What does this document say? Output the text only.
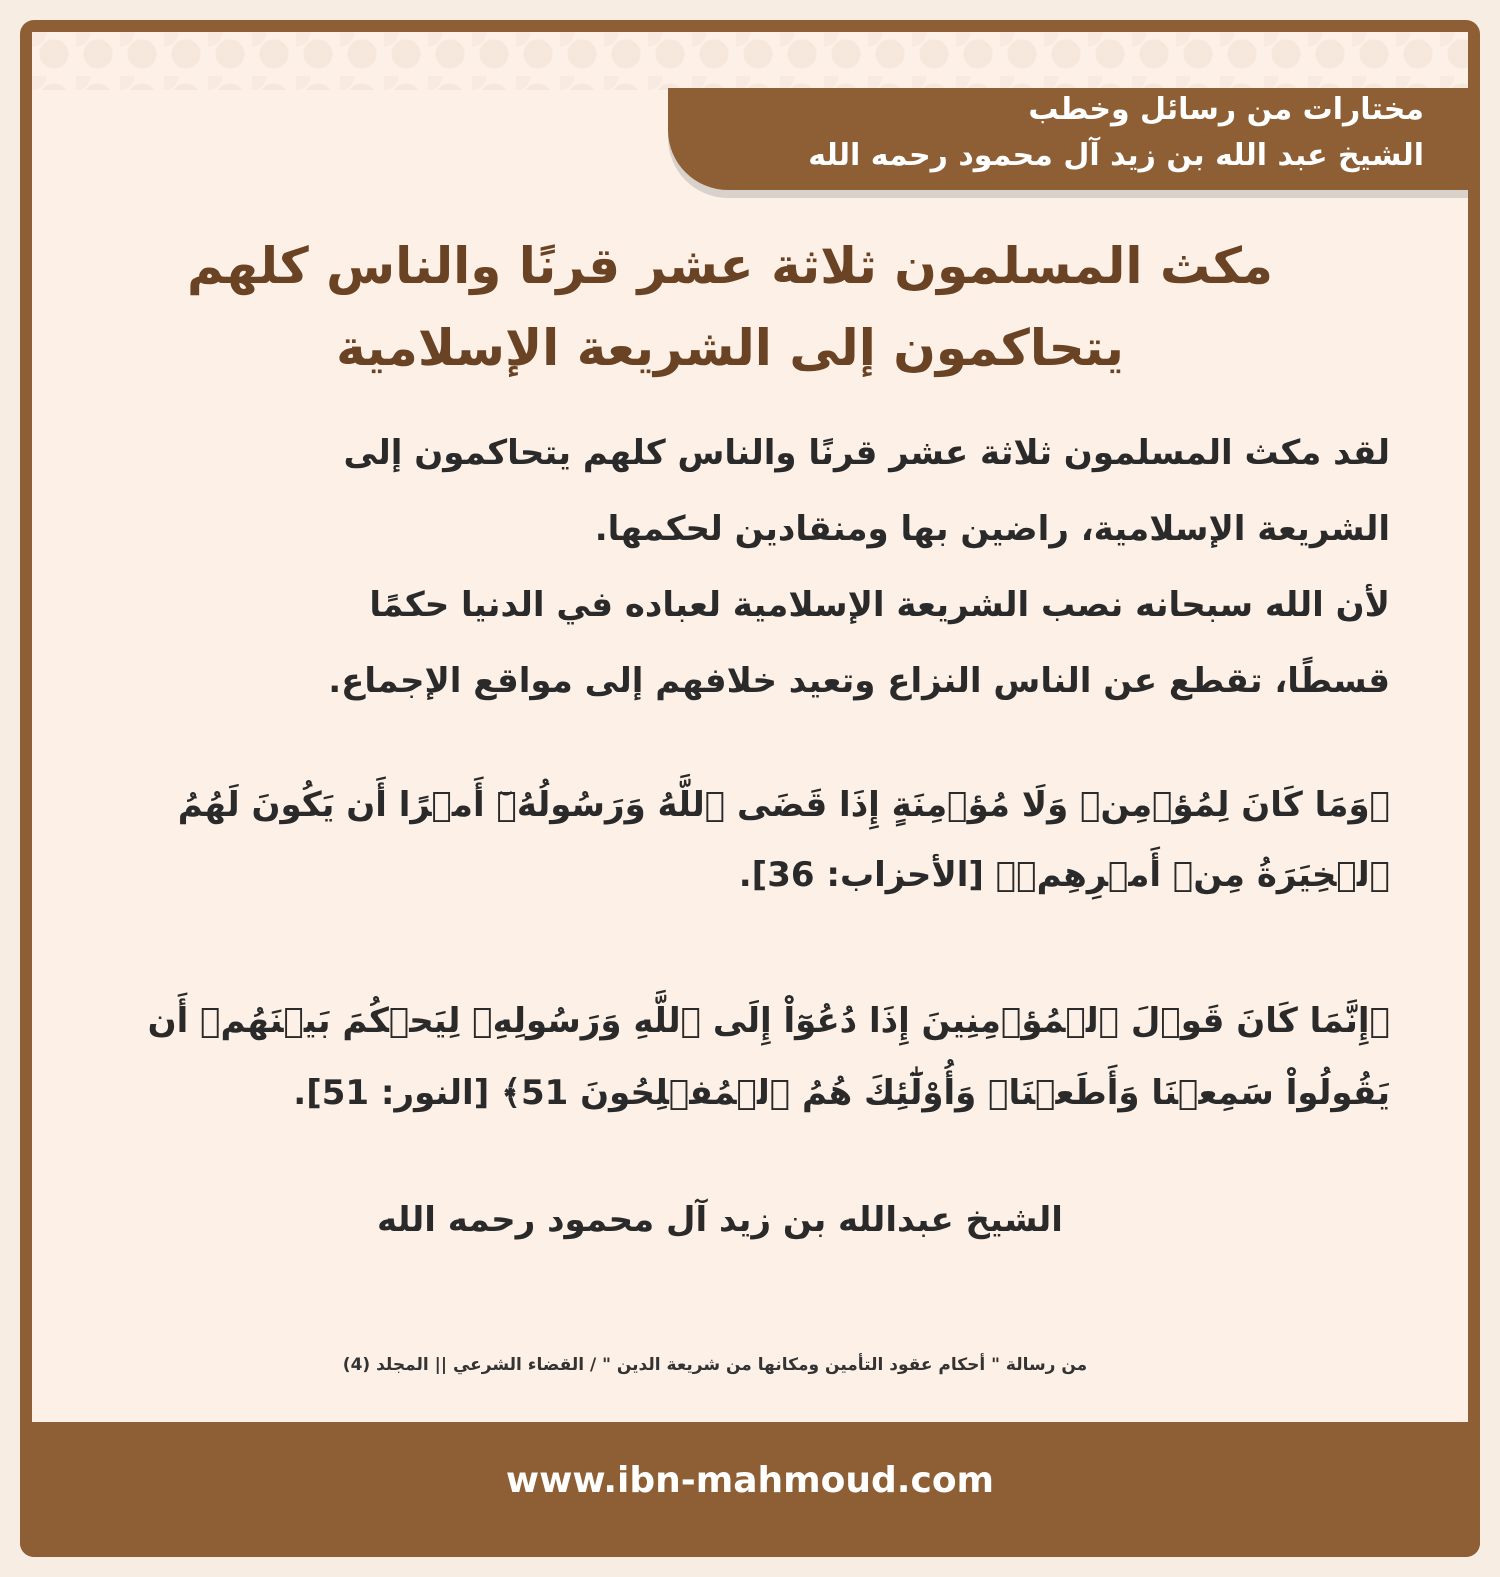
مختارات من رسائل وخطب
الشيخ عبد الله بن زيد آل محمود رحمه الله
مكث المسلمون ثلاثة عشر قرنًا والناس كلهم
يتحاكمون إلى الشريعة الإسلامية
لقد مكث المسلمون ثلاثة عشر قرنًا والناس كلهم يتحاكمون إلى
الشريعة الإسلامية، راضين بها ومنقادين لحكمها.
لأن الله سبحانه نصب الشريعة الإسلامية لعباده في الدنيا حكمًا
قسطًا، تقطع عن الناس النزاع وتعيد خلافهم إلى مواقع الإجماع.
﴿وَمَا كَانَ لِمُؤۡمِنٖ وَلَا مُؤۡمِنَةٍ إِذَا قَضَى ٱللَّهُ وَرَسُولُهُۥٓ أَمۡرًا أَن يَكُونَ لَهُمُ
ٱلۡخِيَرَةُ مِنۡ أَمۡرِهِمۡ﴾ [الأحزاب: 36].
﴿إِنَّمَا كَانَ قَوۡلَ ٱلۡمُؤۡمِنِينَ إِذَا دُعُوٓاْ إِلَى ٱللَّهِ وَرَسُولِهِۦ لِيَحۡكُمَ بَيۡنَهُمۡ أَن
يَقُولُواْ سَمِعۡنَا وَأَطَعۡنَاۚ وَأُوْلَٰٓئِكَ هُمُ ٱلۡمُفۡلِحُونَ 51﴾ [النور: 51].
الشيخ عبدالله بن زيد آل محمود رحمه الله
من رسالة " أحكام عقود التأمين ومكانها من شريعة الدين " / القضاء الشرعي || المجلد (4)
www.ibn-mahmoud.com
